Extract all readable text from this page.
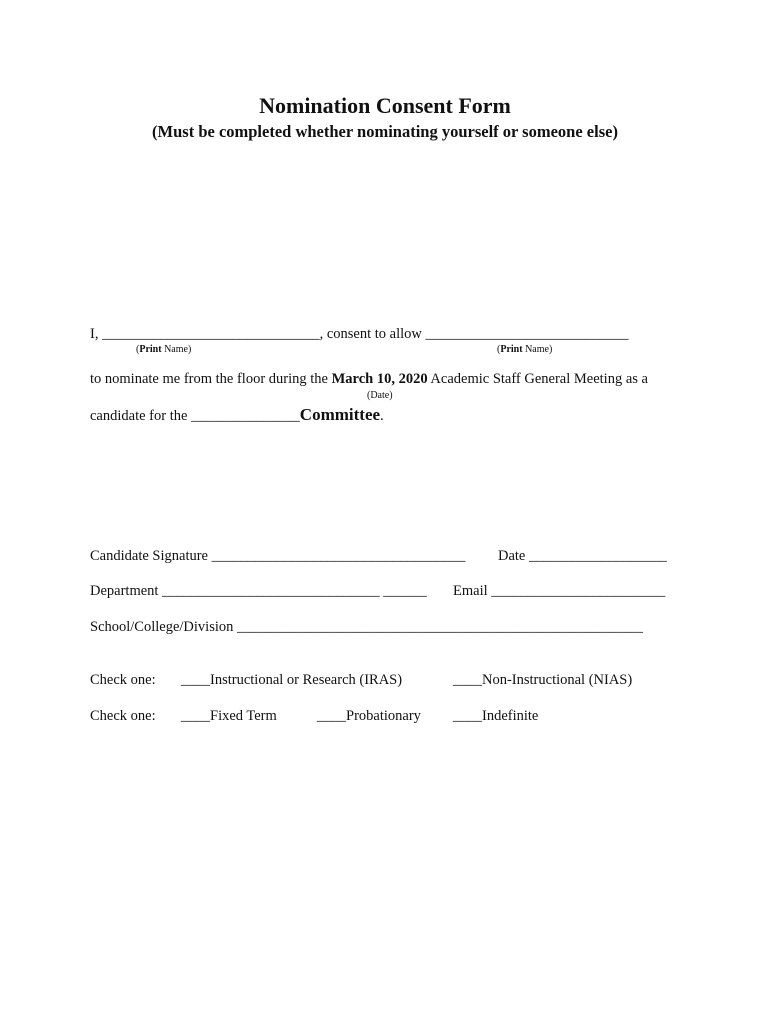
Nomination Consent Form
(Must be completed whether nominating yourself or someone else)
I, ______________________________, consent to allow ____________________________
(Print Name)	(Print Name)
to nominate me from the floor during the March 10, 2020 Academic Staff General Meeting as a
(Date)
candidate for the _______________Committee.
Candidate Signature ___________________________________ Date ___________________
Department ______________________________ ______ Email ________________________
School/College/Division ________________________________________________________
Check one: ____Instructional or Research (IRAS)	____Non-Instructional (NIAS)
Check one: ____Fixed Term	____Probationary ____Indefinite
